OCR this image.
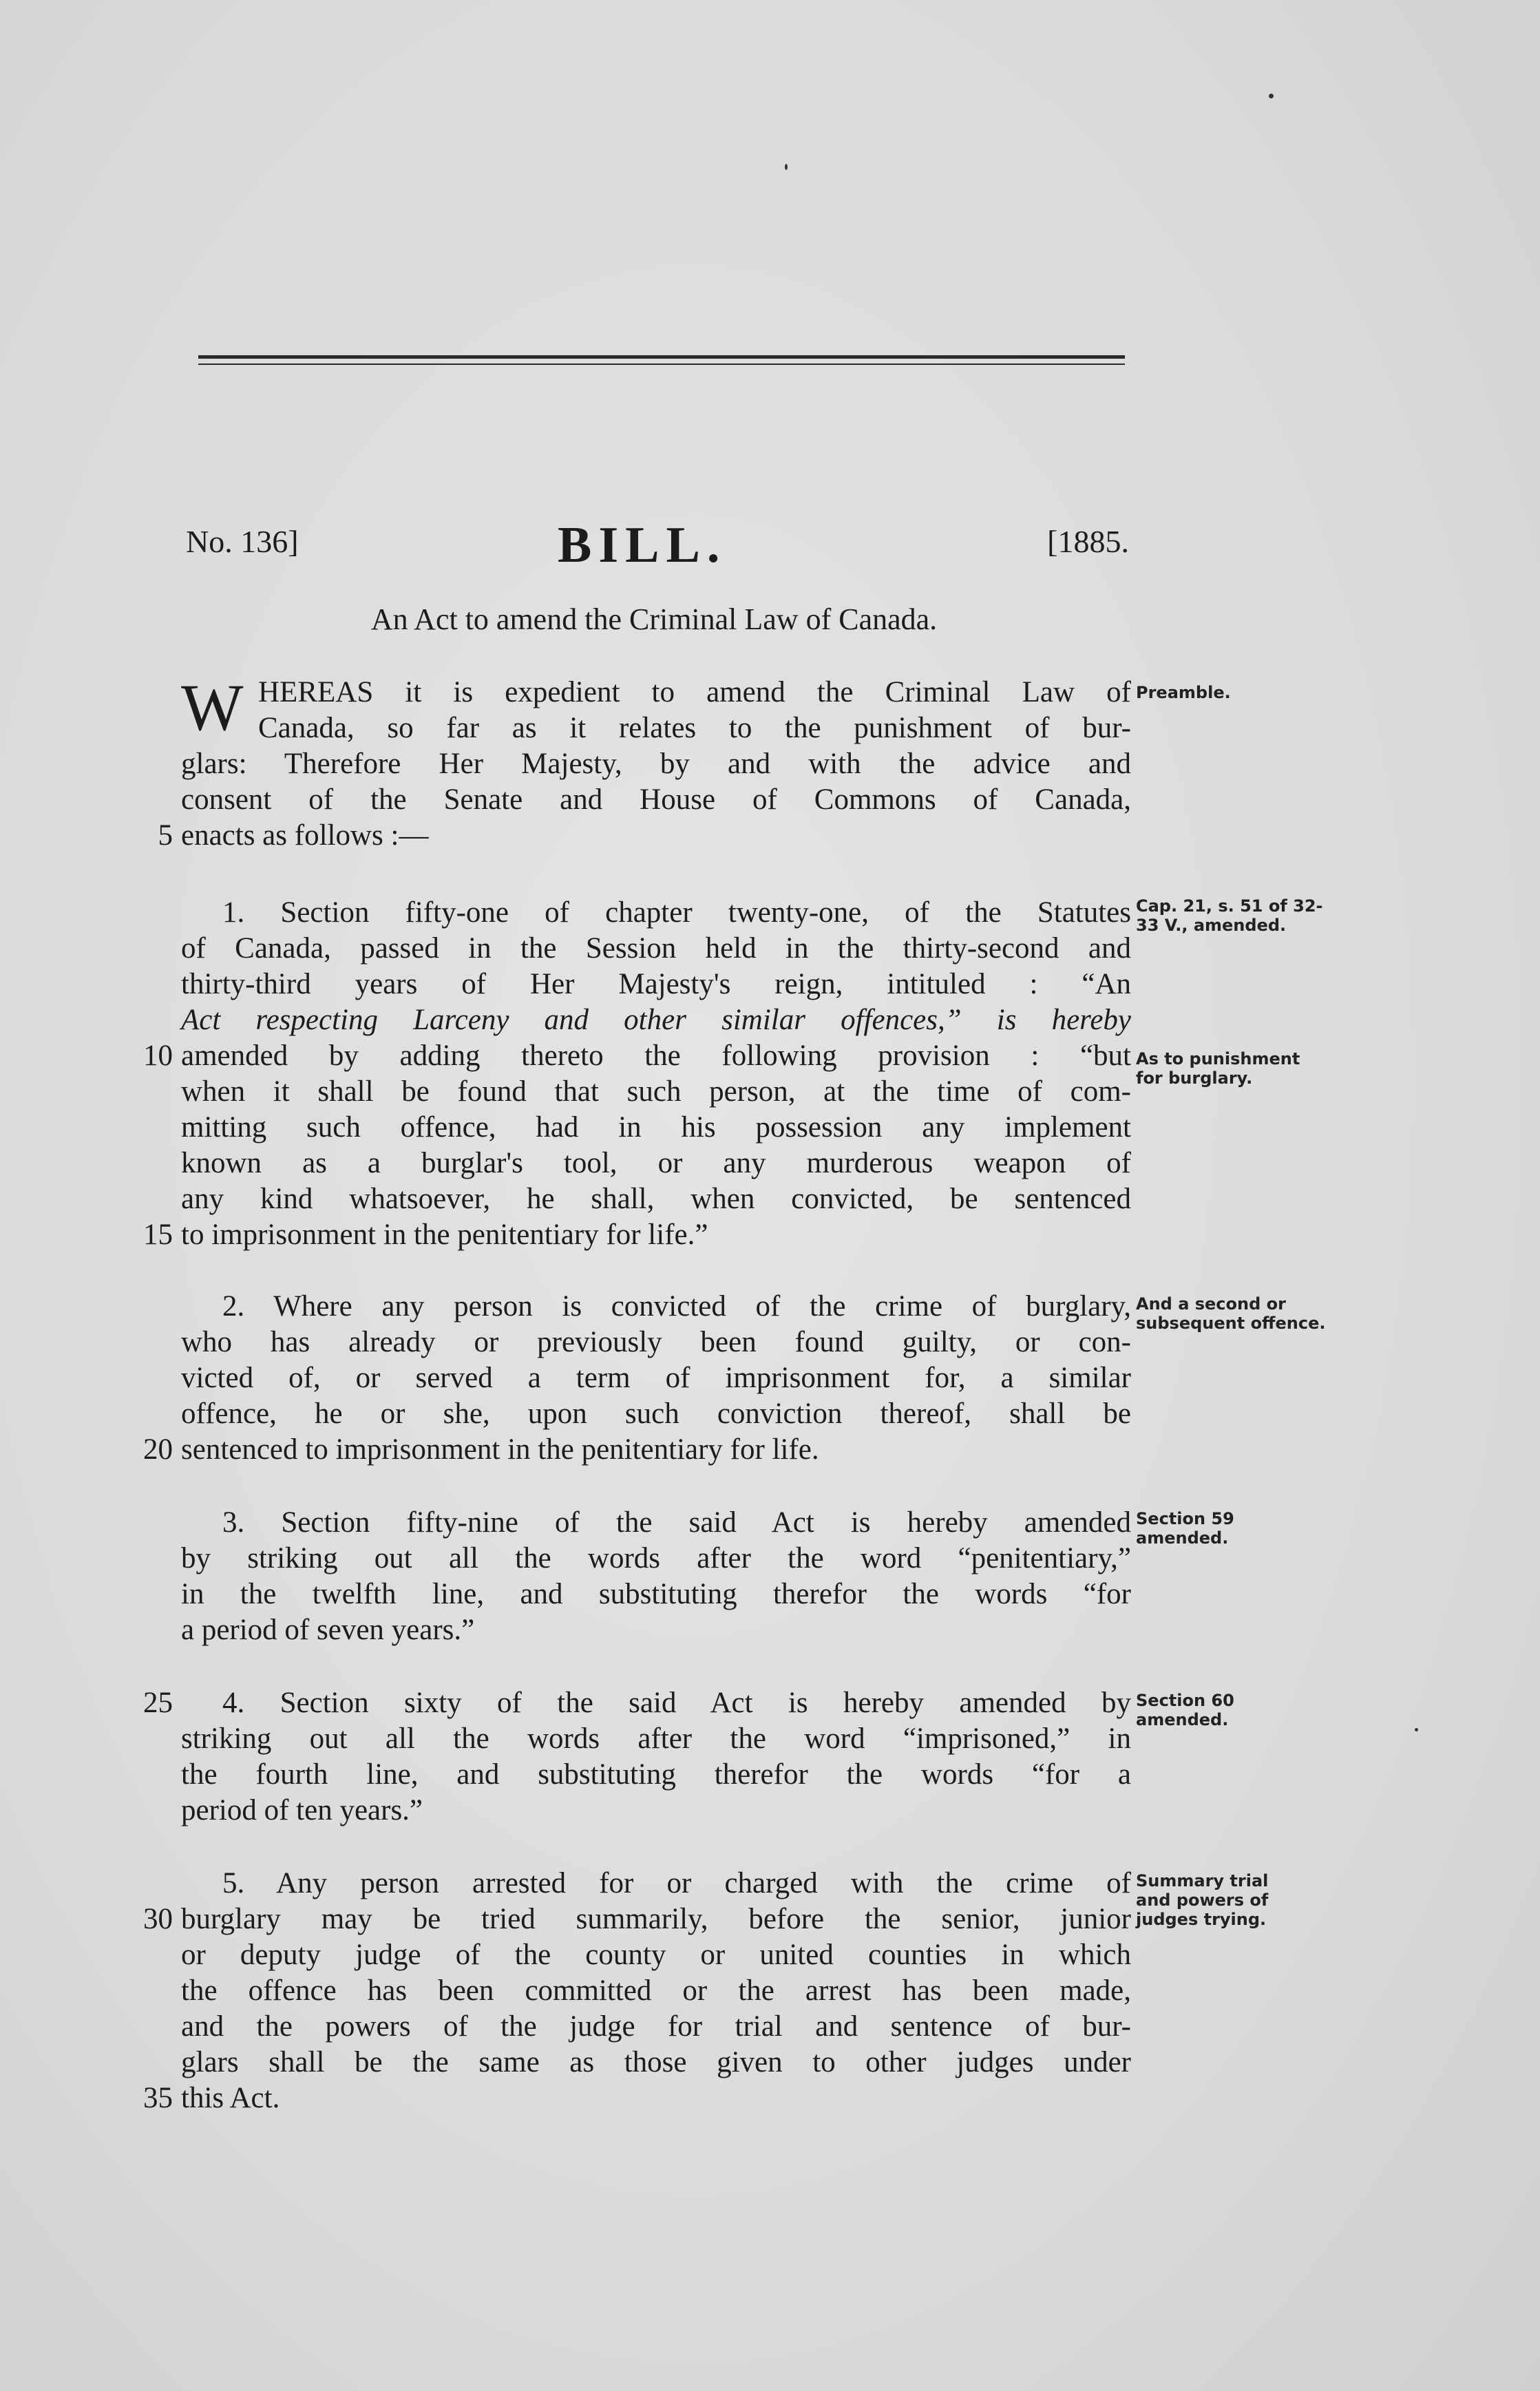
No. 136]	BILL.	[1885.
An Act to amend the Criminal Law of Canada.
W HEREAS it is expedient to amend the Criminal Law of
Canada, so far as it relates to the punishment of bur-
glars: Therefore Her Majesty, by and with the advice and
consent of the Senate and House of Commons of Canada,
5 enacts as follows :—
Preamble.
1. Section fifty-one of chapter twenty-one, of the Statutes
of Canada, passed in the Session held in the thirty-second and
thirty-third years of Her Majesty's reign, intituled : “An
Act respecting Larceny and other similar offences,” is hereby
10 amended by adding thereto the following provision : “but
when it shall be found that such person, at the time of com-
mitting such offence, had in his possession any implement
known as a burglar's tool, or any murderous weapon of
any kind whatsoever, he shall, when convicted, be sentenced
15 to imprisonment in the penitentiary for life.”
Cap. 21, s. 51 of 32-33 V., amended.
As to punishment for burglary.
2. Where any person is convicted of the crime of burglary,
who has already or previously been found guilty, or con-
victed of, or served a term of imprisonment for, a similar
offence, he or she, upon such conviction thereof, shall be
20 sentenced to imprisonment in the penitentiary for life.
And a second or subsequent offence.
3. Section fifty-nine of the said Act is hereby amended
by striking out all the words after the word “penitentiary,”
in the twelfth line, and substituting therefor the words “for
a period of seven years.”
Section 59 amended.
25	4. Section sixty of the said Act is hereby amended by
striking out all the words after the word “imprisoned,” in
the fourth line, and substituting therefor the words “for a
period of ten years.”
Section 60 amended.
5. Any person arrested for or charged with the crime of
30 burglary may be tried summarily, before the senior, junior
or deputy judge of the county or united counties in which
the offence has been committed or the arrest has been made,
and the powers of the judge for trial and sentence of bur-
glars shall be the same as those given to other judges under
35 this Act.
Summary trial and powers of judges trying.
